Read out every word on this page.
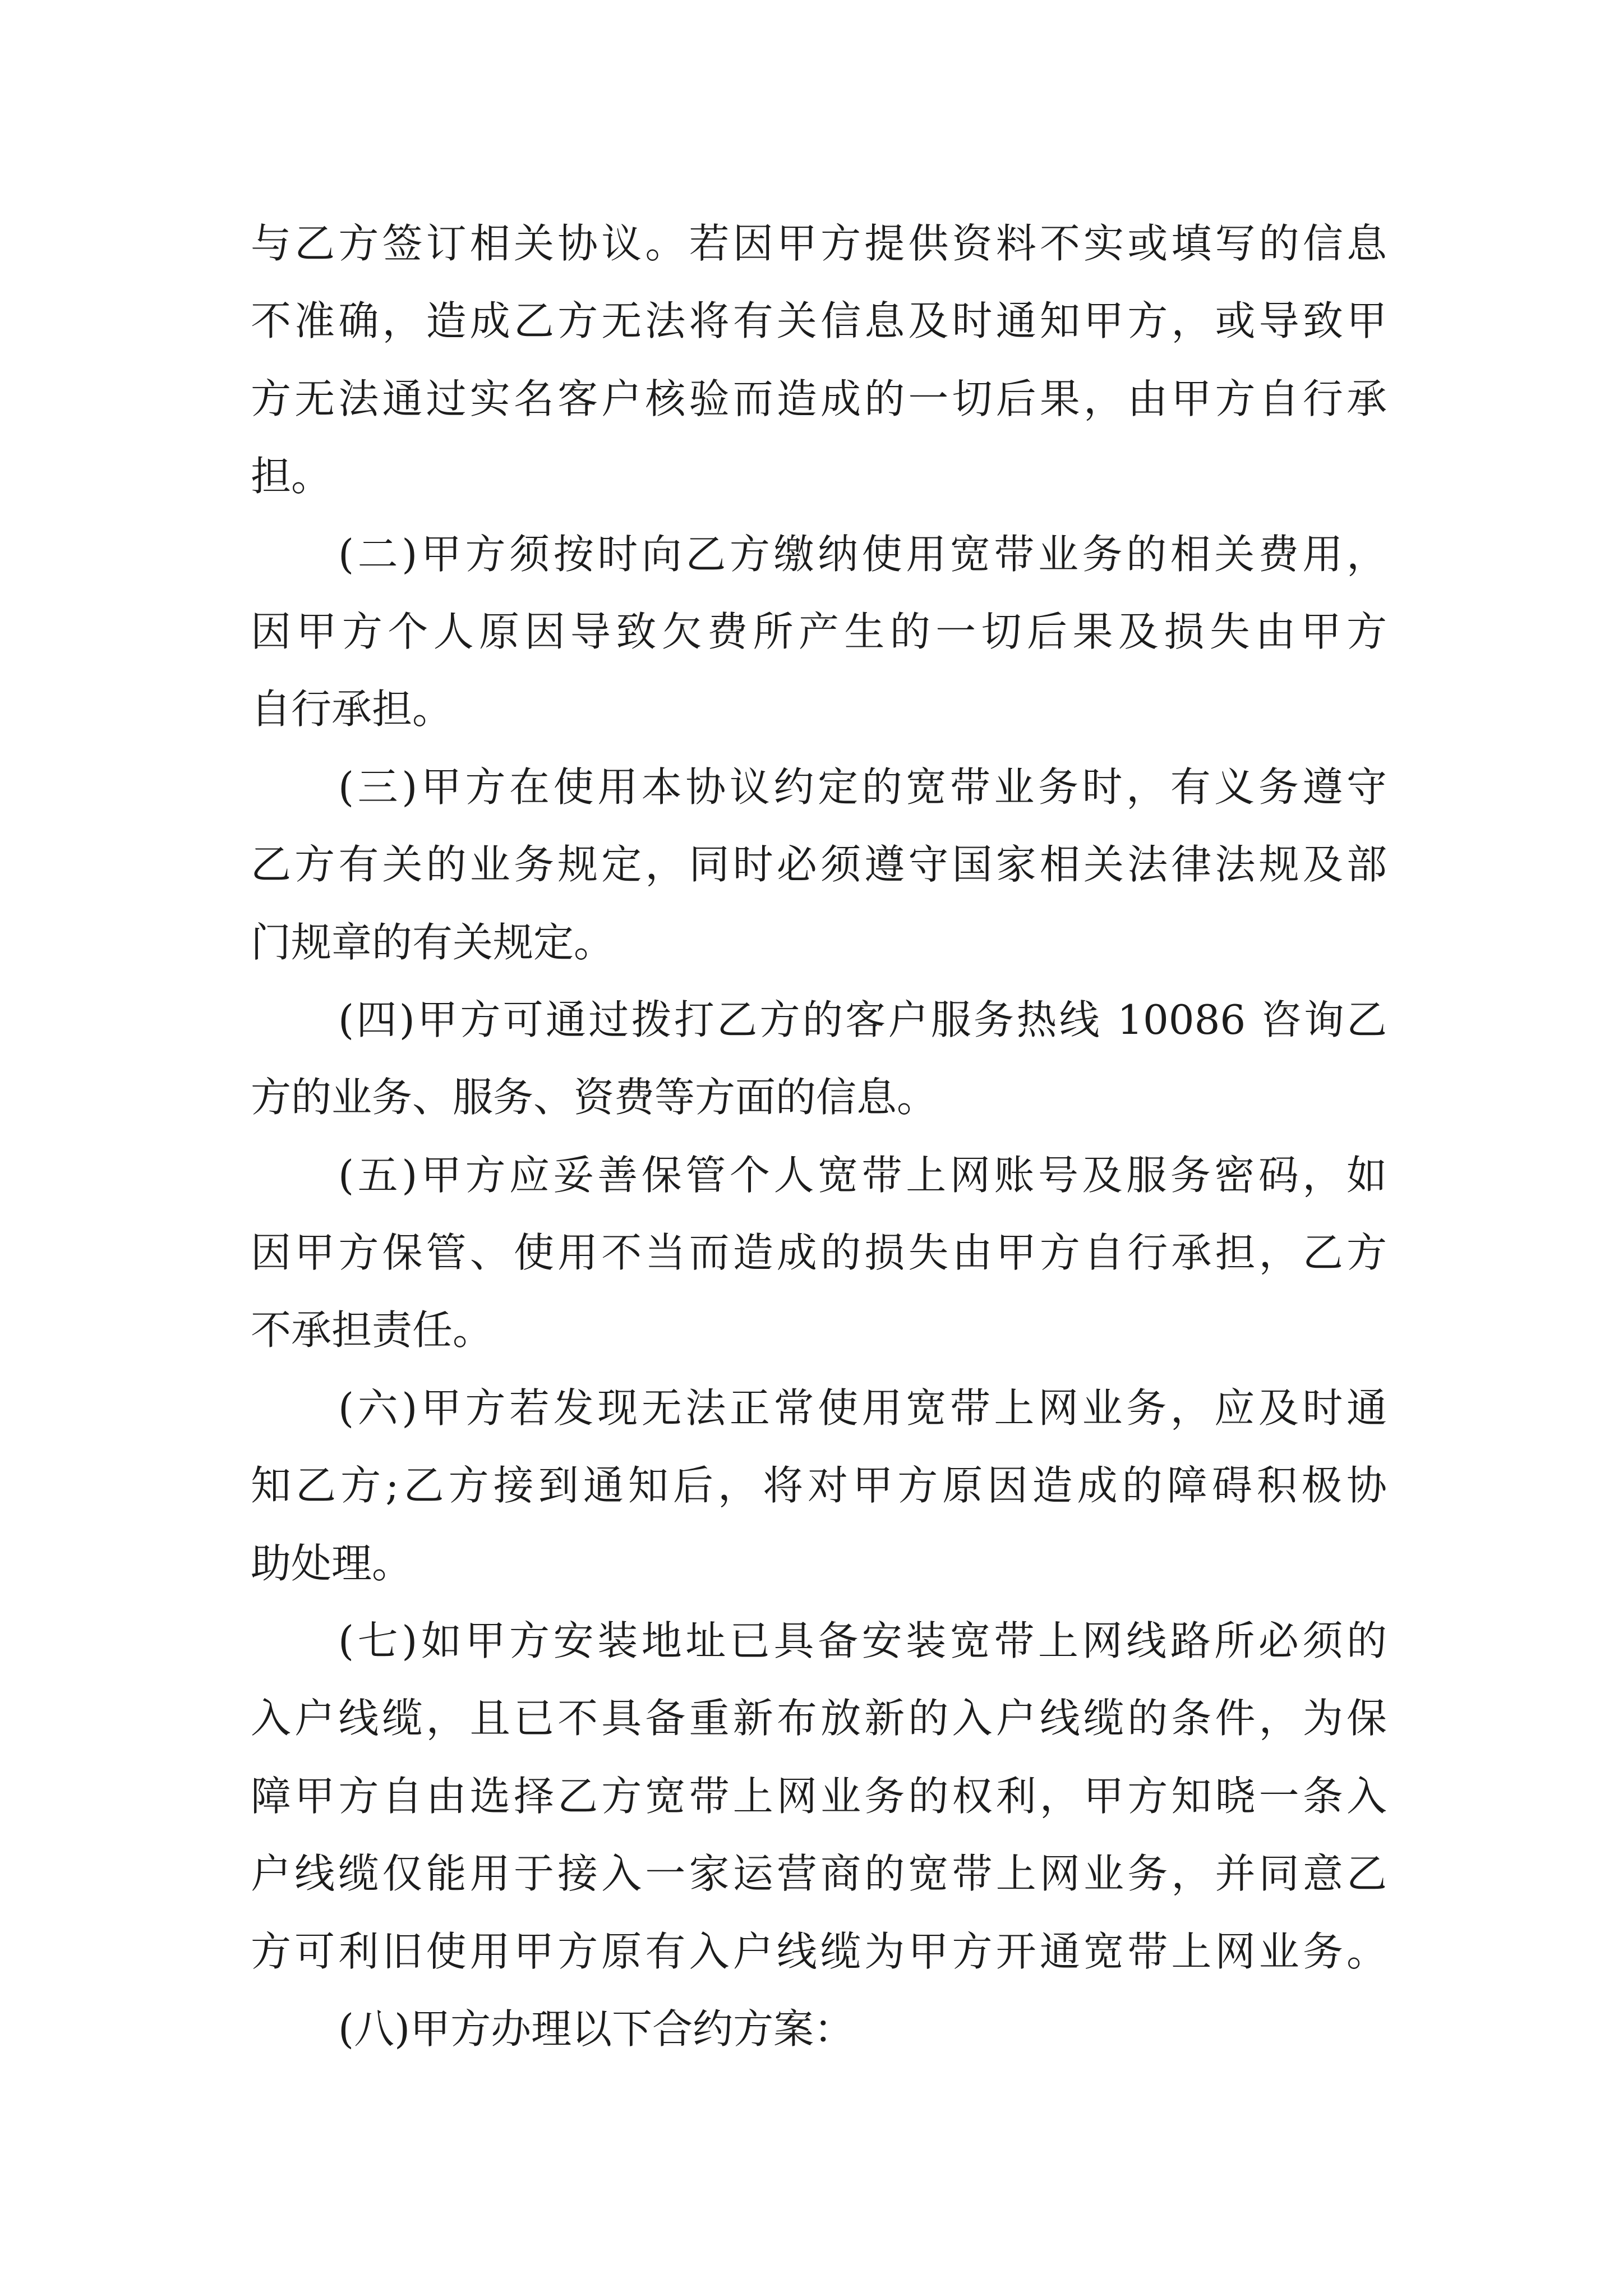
与乙方签订相关协议。若因甲方提供资料不实或填写的信息
不准确，造成乙方无法将有关信息及时通知甲方，或导致甲
方无法通过实名客户核验而造成的一切后果，由甲方自行承
担。
(二)甲方须按时向乙方缴纳使用宽带业务的相关费用，
因甲方个人原因导致欠费所产生的一切后果及损失由甲方
自行承担。
(三)甲方在使用本协议约定的宽带业务时，有义务遵守
乙方有关的业务规定，同时必须遵守国家相关法律法规及部
门规章的有关规定。
(四)甲方可通过拨打乙方的客户服务热线 10086 咨询乙
方的业务、服务、资费等方面的信息。
(五)甲方应妥善保管个人宽带上网账号及服务密码，如
因甲方保管、使用不当而造成的损失由甲方自行承担，乙方
不承担责任。
(六)甲方若发现无法正常使用宽带上网业务，应及时通
知乙方;乙方接到通知后，将对甲方原因造成的障碍积极协
助处理。
(七)如甲方安装地址已具备安装宽带上网线路所必须的
入户线缆，且已不具备重新布放新的入户线缆的条件，为保
障甲方自由选择乙方宽带上网业务的权利，甲方知晓一条入
户线缆仅能用于接入一家运营商的宽带上网业务，并同意乙
方可利旧使用甲方原有入户线缆为甲方开通宽带上网业务。
(八)甲方办理以下合约方案：
